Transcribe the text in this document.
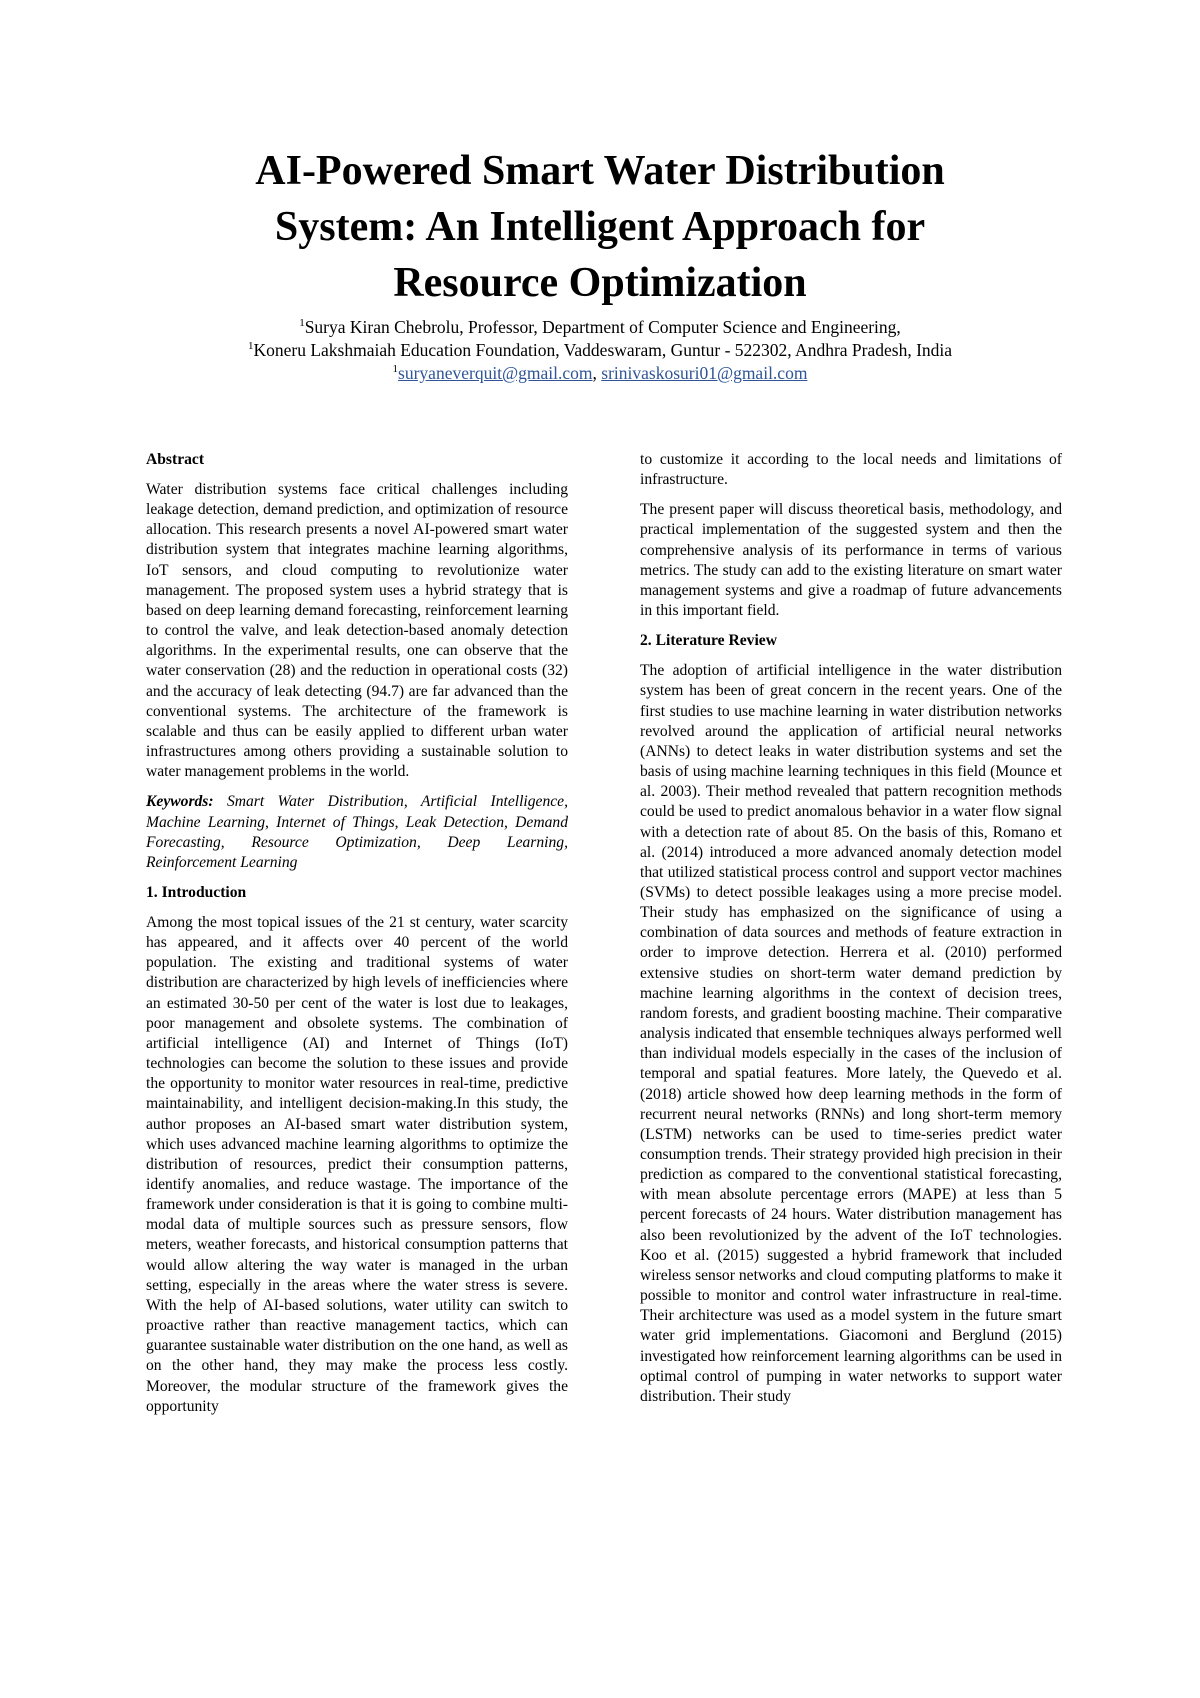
AI-Powered Smart Water Distribution
System: An Intelligent Approach for
Resource Optimization
$^1$Surya Kiran Chebrolu, Professor, Department of Computer Science and Engineering,
$^1$Koneru Lakshmaiah Education Foundation, Vaddeswaram, Guntur - 522302, Andhra Pradesh, India
$^1$suryaneverquit@gmail.com, srinivaskosuri01@gmail.com
Abstract

Water distribution systems face critical challenges including leakage detection, demand prediction, and optimization of resource allocation. This research presents a novel AI-powered smart water distribution system that integrates machine learning algorithms, IoT sensors, and cloud computing to revolutionize water management. The proposed system uses a hybrid strategy that is based on deep learning demand forecasting, reinforcement learning to control the valve, and leak detection-based anomaly detection algorithms. In the experimental results, one can observe that the water conservation (28) and the reduction in operational costs (32) and the accuracy of leak detecting (94.7) are far advanced than the conventional systems. The architecture of the framework is scalable and thus can be easily applied to different urban water infrastructures among others providing a sustainable solution to water management problems in the world.

Keywords: Smart Water Distribution, Artificial Intelligence, Machine Learning, Internet of Things, Leak Detection, Demand Forecasting, Resource Optimization, Deep Learning, Reinforcement Learning

1. Introduction

Among the most topical issues of the 21 st century, water scarcity has appeared, and it affects over 40 percent of the world population. The existing and traditional systems of water distribution are characterized by high levels of inefficiencies where an estimated 30-50 per cent of the water is lost due to leakages, poor management and obsolete systems. The combination of artificial intelligence (AI) and Internet of Things (IoT) technologies can become the solution to these issues and provide the opportunity to monitor water resources in real-time, predictive maintainability, and intelligent decision-making.In this study, the author proposes an AI-based smart water distribution system, which uses advanced machine learning algorithms to optimize the distribution of resources, predict their consumption patterns, identify anomalies, and reduce wastage. The importance of the framework under consideration is that it is going to combine multi-modal data of multiple sources such as pressure sensors, flow meters, weather forecasts, and historical consumption patterns that would allow altering the way water is managed in the urban setting, especially in the areas where the water stress is severe. With the help of AI-based solutions, water utility can switch to proactive rather than reactive management tactics, which can guarantee sustainable water distribution on the one hand, as well as on the other hand, they may make the process less costly. Moreover, the modular structure of the framework gives the opportunity

to customize it according to the local needs and limitations of infrastructure.

The present paper will discuss theoretical basis, methodology, and practical implementation of the suggested system and then the comprehensive analysis of its performance in terms of various metrics. The study can add to the existing literature on smart water management systems and give a roadmap of future advancements in this important field.

2. Literature Review

The adoption of artificial intelligence in the water distribution system has been of great concern in the recent years. One of the first studies to use machine learning in water distribution networks revolved around the application of artificial neural networks (ANNs) to detect leaks in water distribution systems and set the basis of using machine learning techniques in this field (Mounce et al. 2003). Their method revealed that pattern recognition methods could be used to predict anomalous behavior in a water flow signal with a detection rate of about 85. On the basis of this, Romano et al. (2014) introduced a more advanced anomaly detection model that utilized statistical process control and support vector machines (SVMs) to detect possible leakages using a more precise model. Their study has emphasized on the significance of using a combination of data sources and methods of feature extraction in order to improve detection. Herrera et al. (2010) performed extensive studies on short-term water demand prediction by machine learning algorithms in the context of decision trees, random forests, and gradient boosting machine. Their comparative analysis indicated that ensemble techniques always performed well than individual models especially in the cases of the inclusion of temporal and spatial features. More lately, the Quevedo et al. (2018) article showed how deep learning methods in the form of recurrent neural networks (RNNs) and long short-term memory (LSTM) networks can be used to time-series predict water consumption trends. Their strategy provided high precision in their prediction as compared to the conventional statistical forecasting, with mean absolute percentage errors (MAPE) at less than 5 percent forecasts of 24 hours. Water distribution management has also been revolutionized by the advent of the IoT technologies. Koo et al. (2015) suggested a hybrid framework that included wireless sensor networks and cloud computing platforms to make it possible to monitor and control water infrastructure in real-time. Their architecture was used as a model system in the future smart water grid implementations. Giacomoni and Berglund (2015) investigated how reinforcement learning algorithms can be used in optimal control of pumping in water networks to support water distribution. Their study
